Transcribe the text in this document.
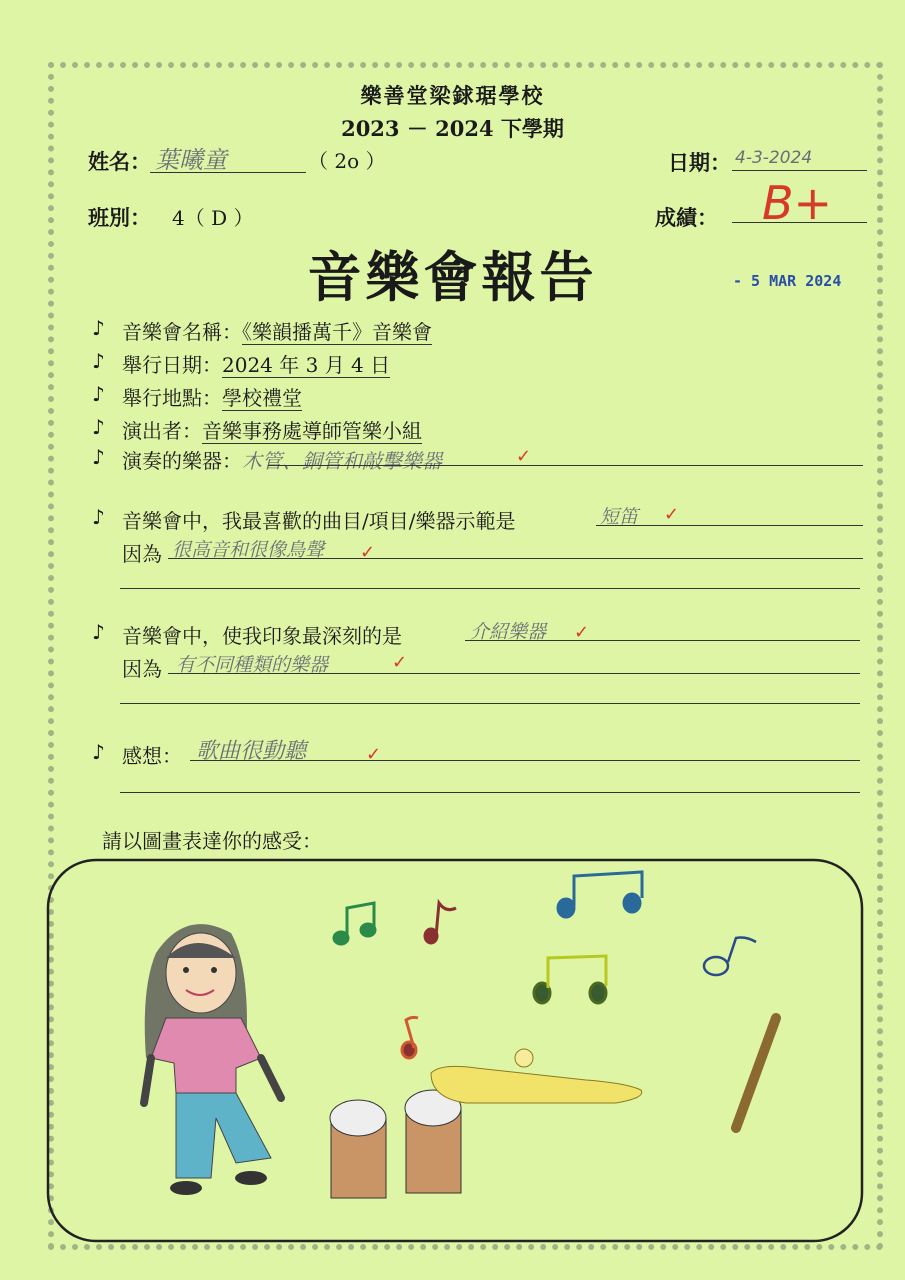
樂善堂梁銶琚學校
2023 － 2024 下學期
姓名： 葉曦童	（ 2o ）	日期： 4-3-2024
班別： 4（ D ）	成績： B+
音樂會報告	- 5 MAR 2024
♪ 音樂會名稱：《樂韻播萬千》音樂會
♪ 舉行日期：2024 年 3 月 4 日
♪ 舉行地點：學校禮堂
♪ 演出者：音樂事務處導師管樂小組
♪ 演奏的樂器：木管、銅管和敲擊樂器
♪ 音樂會中，我最喜歡的曲目/項目/樂器示範是	短笛
因為 很高音和很像鳥聲
♪ 音樂會中，使我印象最深刻的是	介紹樂器
因為 有不同種類的樂器
♪ 感想： 歌曲很動聽
✓
✓
✓
✓
✓
✓
請以圖畫表達你的感受：
